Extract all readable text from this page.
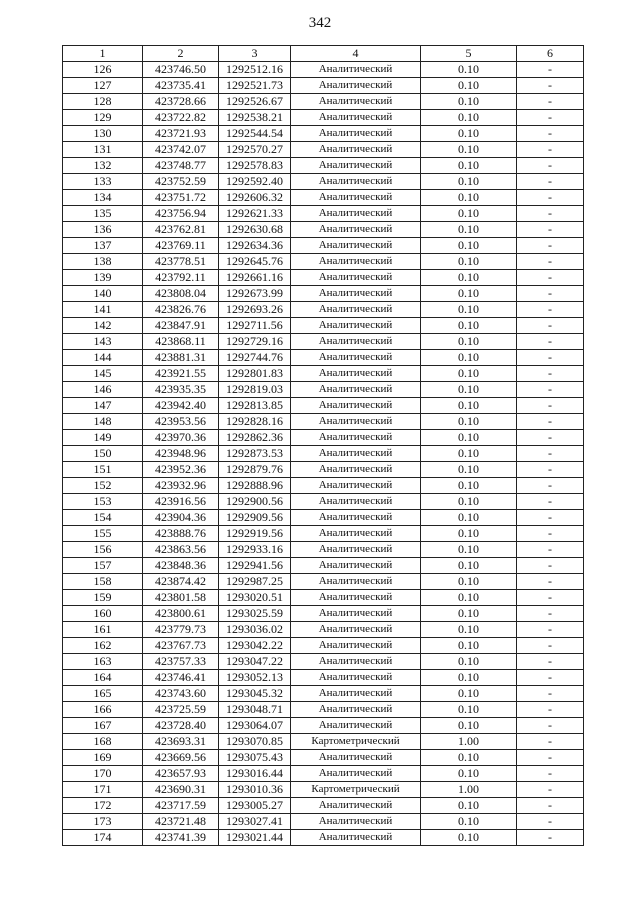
342
1	2	3	4	5	6
126	423746.50	1292512.16	Аналитический	0.10	-
127	423735.41	1292521.73	Аналитический	0.10	-
128	423728.66	1292526.67	Аналитический	0.10	-
129	423722.82	1292538.21	Аналитический	0.10	-
130	423721.93	1292544.54	Аналитический	0.10	-
131	423742.07	1292570.27	Аналитический	0.10	-
132	423748.77	1292578.83	Аналитический	0.10	-
133	423752.59	1292592.40	Аналитический	0.10	-
134	423751.72	1292606.32	Аналитический	0.10	-
135	423756.94	1292621.33	Аналитический	0.10	-
136	423762.81	1292630.68	Аналитический	0.10	-
137	423769.11	1292634.36	Аналитический	0.10	-
138	423778.51	1292645.76	Аналитический	0.10	-
139	423792.11	1292661.16	Аналитический	0.10	-
140	423808.04	1292673.99	Аналитический	0.10	-
141	423826.76	1292693.26	Аналитический	0.10	-
142	423847.91	1292711.56	Аналитический	0.10	-
143	423868.11	1292729.16	Аналитический	0.10	-
144	423881.31	1292744.76	Аналитический	0.10	-
145	423921.55	1292801.83	Аналитический	0.10	-
146	423935.35	1292819.03	Аналитический	0.10	-
147	423942.40	1292813.85	Аналитический	0.10	-
148	423953.56	1292828.16	Аналитический	0.10	-
149	423970.36	1292862.36	Аналитический	0.10	-
150	423948.96	1292873.53	Аналитический	0.10	-
151	423952.36	1292879.76	Аналитический	0.10	-
152	423932.96	1292888.96	Аналитический	0.10	-
153	423916.56	1292900.56	Аналитический	0.10	-
154	423904.36	1292909.56	Аналитический	0.10	-
155	423888.76	1292919.56	Аналитический	0.10	-
156	423863.56	1292933.16	Аналитический	0.10	-
157	423848.36	1292941.56	Аналитический	0.10	-
158	423874.42	1292987.25	Аналитический	0.10	-
159	423801.58	1293020.51	Аналитический	0.10	-
160	423800.61	1293025.59	Аналитический	0.10	-
161	423779.73	1293036.02	Аналитический	0.10	-
162	423767.73	1293042.22	Аналитический	0.10	-
163	423757.33	1293047.22	Аналитический	0.10	-
164	423746.41	1293052.13	Аналитический	0.10	-
165	423743.60	1293045.32	Аналитический	0.10	-
166	423725.59	1293048.71	Аналитический	0.10	-
167	423728.40	1293064.07	Аналитический	0.10	-
168	423693.31	1293070.85	Картометрический	1.00	-
169	423669.56	1293075.43	Аналитический	0.10	-
170	423657.93	1293016.44	Аналитический	0.10	-
171	423690.31	1293010.36	Картометрический	1.00	-
172	423717.59	1293005.27	Аналитический	0.10	-
173	423721.48	1293027.41	Аналитический	0.10	-
174	423741.39	1293021.44	Аналитический	0.10	-
